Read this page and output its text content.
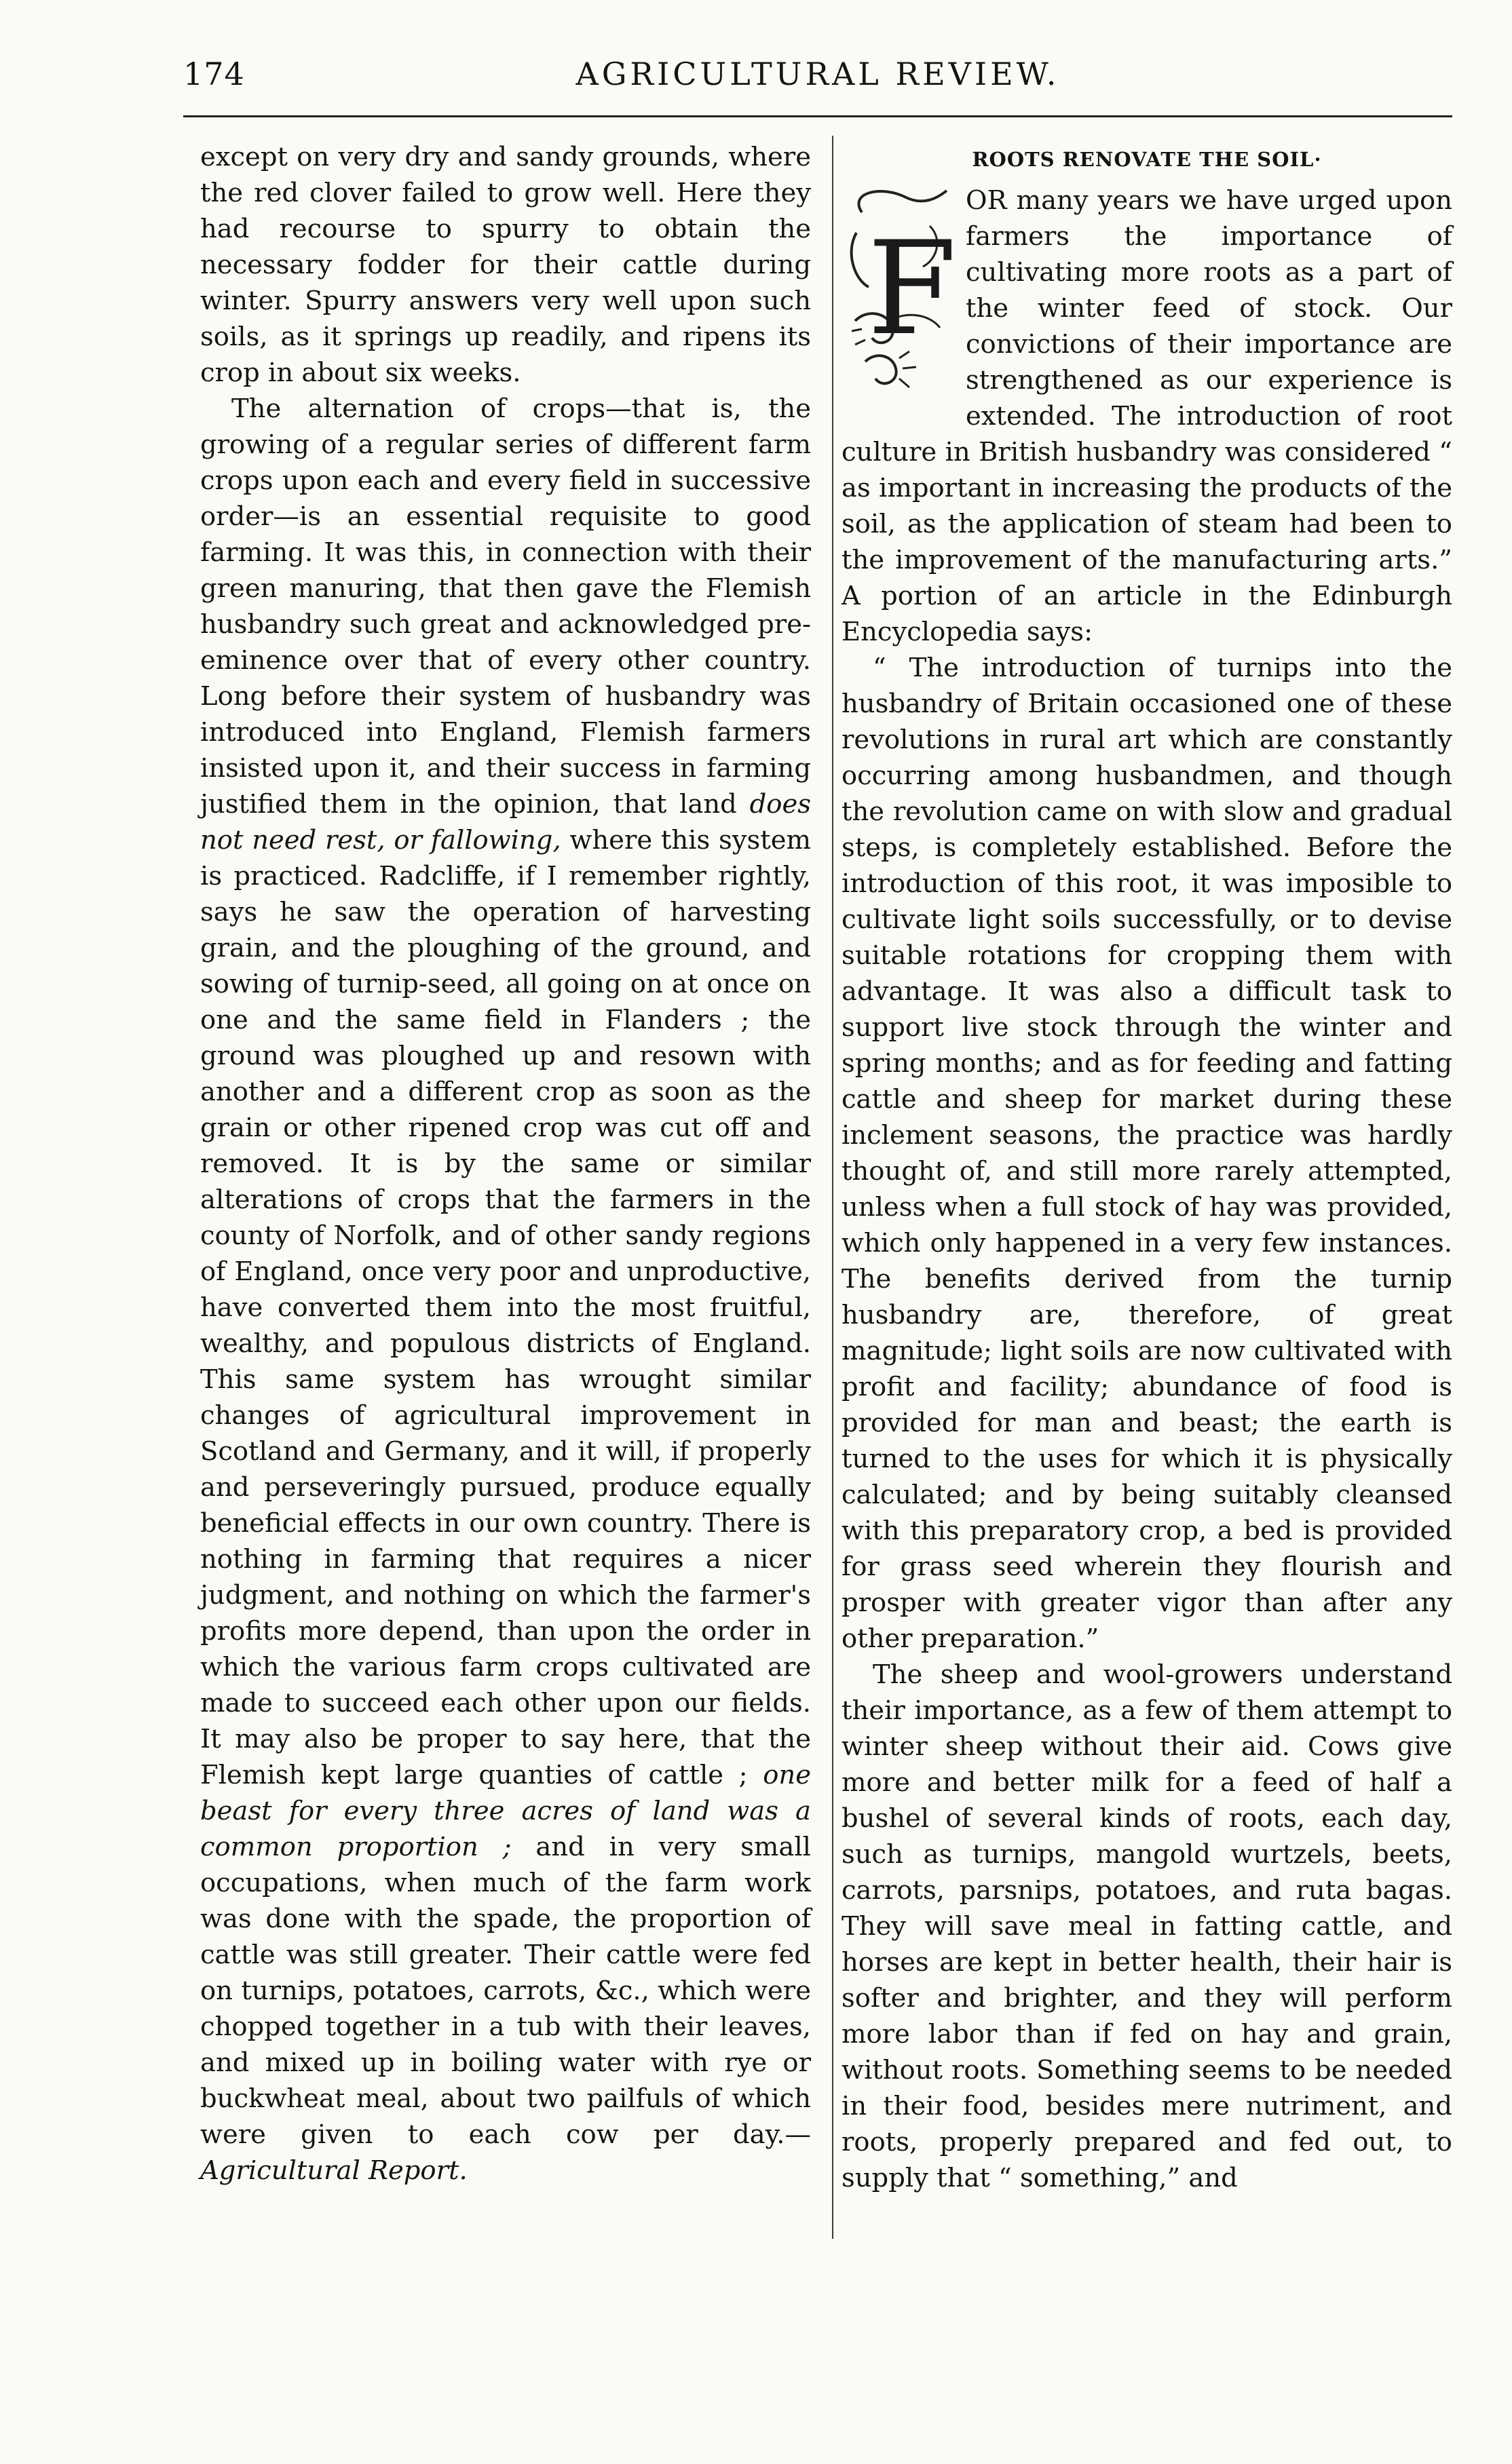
174	AGRICULTURAL REVIEW.

except on very dry and sandy grounds, where the red clover failed to grow well. Here they had recourse to spurry to obtain the necessary fodder for their cattle during winter. Spurry answers very well upon such soils, as it springs up readily, and ripens its crop in about six weeks.

The alternation of crops—that is, the growing of a regular series of different farm crops upon each and every field in successive order—is an essential requisite to good farming. It was this, in connection with their green manuring, that then gave the Flemish husbandry such great and acknowledged pre-eminence over that of every other country. Long before their system of husbandry was introduced into England, Flemish farmers insisted upon it, and their success in farming justified them in the opinion, that land does not need rest, or fallowing, where this system is practiced. Radcliffe, if I remember rightly, says he saw the operation of harvesting grain, and the ploughing of the ground, and sowing of turnip-seed, all going on at once on one and the same field in Flanders ; the ground was ploughed up and resown with another and a different crop as soon as the grain or other ripened crop was cut off and removed. It is by the same or similar alterations of crops that the farmers in the county of Norfolk, and of other sandy regions of England, once very poor and unproductive, have converted them into the most fruitful, wealthy, and populous districts of England. This same system has wrought similar changes of agricultural improvement in Scotland and Germany, and it will, if properly and perseveringly pursued, produce equally beneficial effects in our own country. There is nothing in farming that requires a nicer judgment, and nothing on which the farmer's profits more depend, than upon the order in which the various farm crops cultivated are made to succeed each other upon our fields. It may also be proper to say here, that the Flemish kept large quanties of cattle ; one beast for every three acres of land was a common proportion ; and in very small occupations, when much of the farm work was done with the spade, the proportion of cattle was still greater. Their cattle were fed on turnips, potatoes, carrots, &c., which were chopped together in a tub with their leaves, and mixed up in boiling water with rye or buckwheat meal, about two pailfuls of which were given to each cow per day.—Agricultural Report.

ROOTS RENOVATE THE SOIL·

F
OR many years we have urged upon farmers the importance of cultivating more roots as a part of the winter feed of stock. Our convictions of their importance are strengthened as our experience is extended. The introduction of root culture in British husbandry was considered “ as important in increasing the products of the soil, as the application of steam had been to the improvement of the manufacturing arts.” A portion of an article in the Edinburgh Encyclopedia says:

“ The introduction of turnips into the husbandry of Britain occasioned one of these revolutions in rural art which are constantly occurring among husbandmen, and though the revolution came on with slow and gradual steps, is completely established. Before the introduction of this root, it was imposible to cultivate light soils successfully, or to devise suitable rotations for cropping them with advantage. It was also a difficult task to support live stock through the winter and spring months; and as for feeding and fatting cattle and sheep for market during these inclement seasons, the practice was hardly thought of, and still more rarely attempted, unless when a full stock of hay was provided, which only happened in a very few instances. The benefits derived from the turnip husbandry are, therefore, of great magnitude; light soils are now cultivated with profit and facility; abundance of food is provided for man and beast; the earth is turned to the uses for which it is physically calculated; and by being suitably cleansed with this preparatory crop, a bed is provided for grass seed wherein they flourish and prosper with greater vigor than after any other preparation.”

The sheep and wool-growers understand their importance, as a few of them attempt to winter sheep without their aid. Cows give more and better milk for a feed of half a bushel of several kinds of roots, each day, such as turnips, mangold wurtzels, beets, carrots, parsnips, potatoes, and ruta bagas. They will save meal in fatting cattle, and horses are kept in better health, their hair is softer and brighter, and they will perform more labor than if fed on hay and grain, without roots. Something seems to be needed in their food, besides mere nutriment, and roots, properly prepared and fed out, to supply that “ something,” and
